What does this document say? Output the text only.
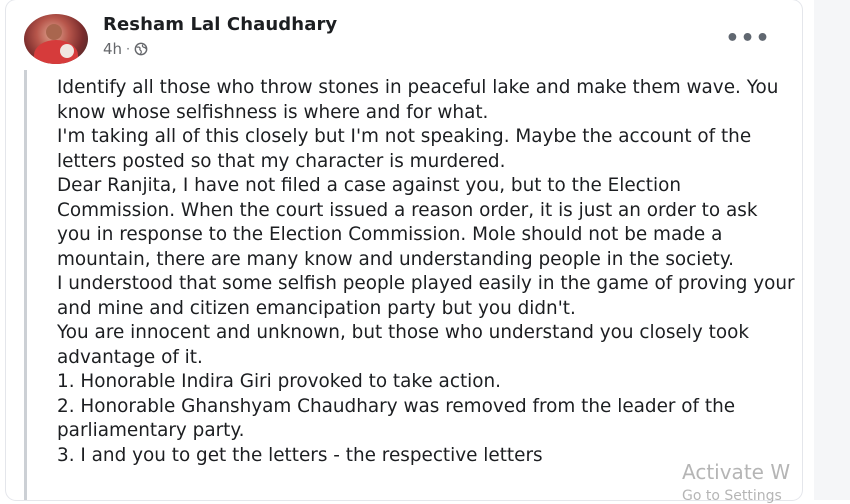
Resham Lal Chaudhary
4h ·	•••

Identify all those who throw stones in peaceful lake and make them wave. You know whose selfishness is where and for what.

I'm taking all of this closely but I'm not speaking. Maybe the account of the letters posted so that my character is murdered.

Dear Ranjita, I have not filed a case against you, but to the Election Commission. When the court issued a reason order, it is just an order to ask you in response to the Election Commission. Mole should not be made a mountain, there are many know and understanding people in the society.

I understood that some selfish people played easily in the game of proving your and mine and citizen emancipation party but you didn't.

You are innocent and unknown, but those who understand you closely took advantage of it.

1. Honorable Indira Giri provoked to take action.

2. Honorable Ghanshyam Chaudhary was removed from the leader of the parliamentary party.

3. I and you to get the letters - the respective letters

Activate W
Go to Settings
